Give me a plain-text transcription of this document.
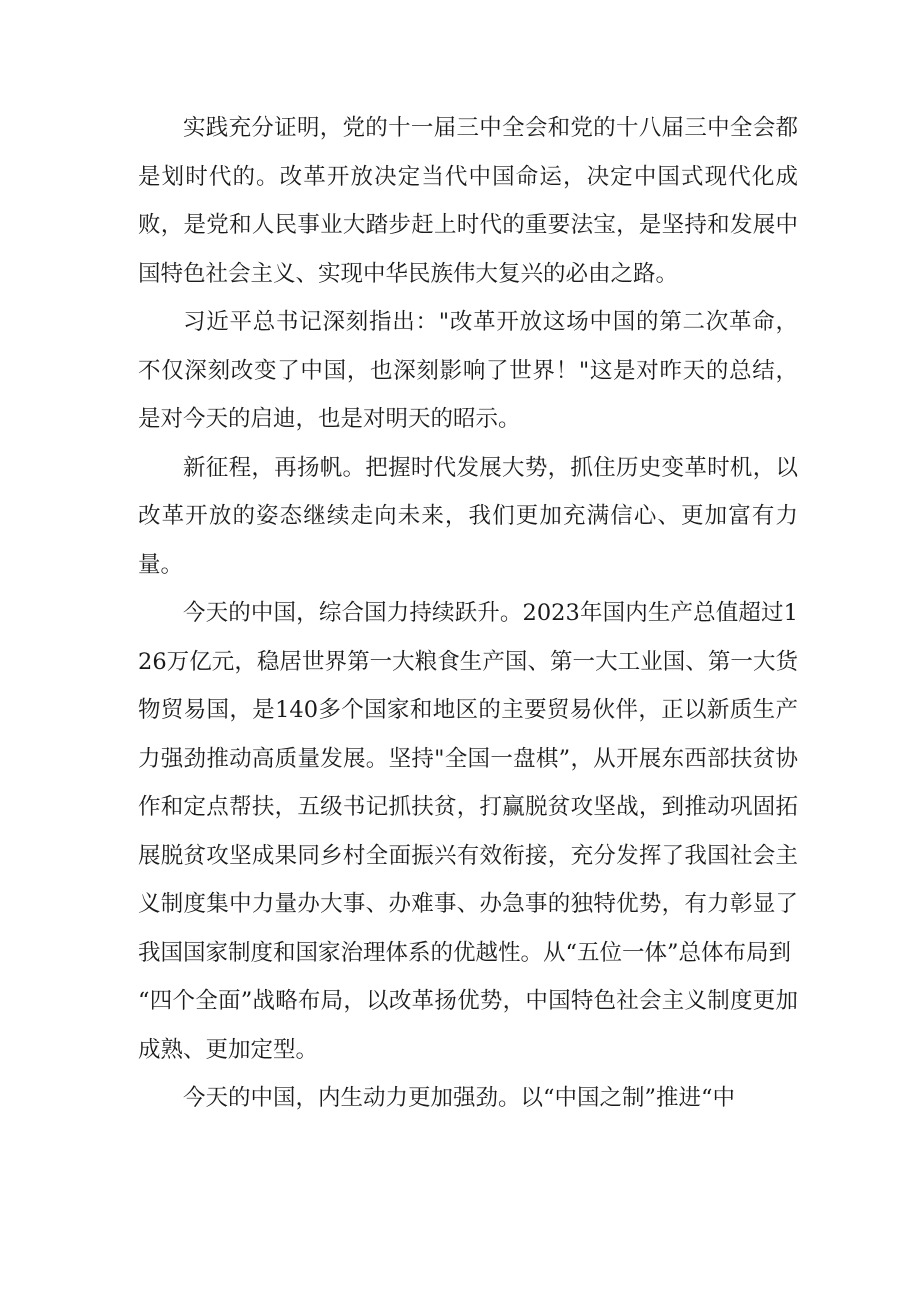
实践充分证明，党的十一届三中全会和党的十八届三中全会都是划时代的。改革开放决定当代中国命运，决定中国式现代化成败，是党和人民事业大踏步赶上时代的重要法宝，是坚持和发展中国特色社会主义、实现中华民族伟大复兴的必由之路。

习近平总书记深刻指出："改革开放这场中国的第二次革命，不仅深刻改变了中国，也深刻影响了世界！"这是对昨天的总结，是对今天的启迪，也是对明天的昭示。

新征程，再扬帆。把握时代发展大势，抓住历史变革时机，以改革开放的姿态继续走向未来，我们更加充满信心、更加富有力量。

今天的中国，综合国力持续跃升。2023年国内生产总值超过126万亿元，稳居世界第一大粮食生产国、第一大工业国、第一大货物贸易国，是140多个国家和地区的主要贸易伙伴，正以新质生产力强劲推动高质量发展。坚持"全国一盘棋”，从开展东西部扶贫协作和定点帮扶，五级书记抓扶贫，打赢脱贫攻坚战，到推动巩固拓展脱贫攻坚成果同乡村全面振兴有效衔接，充分发挥了我国社会主义制度集中力量办大事、办难事、办急事的独特优势，有力彰显了我国国家制度和国家治理体系的优越性。从“五位一体”总体布局到

“四个全面”战略布局，以改革扬优势，中国特色社会主义制度更加成熟、更加定型。

今天的中国，内生动力更加强劲。以“中国之制”推进“中
